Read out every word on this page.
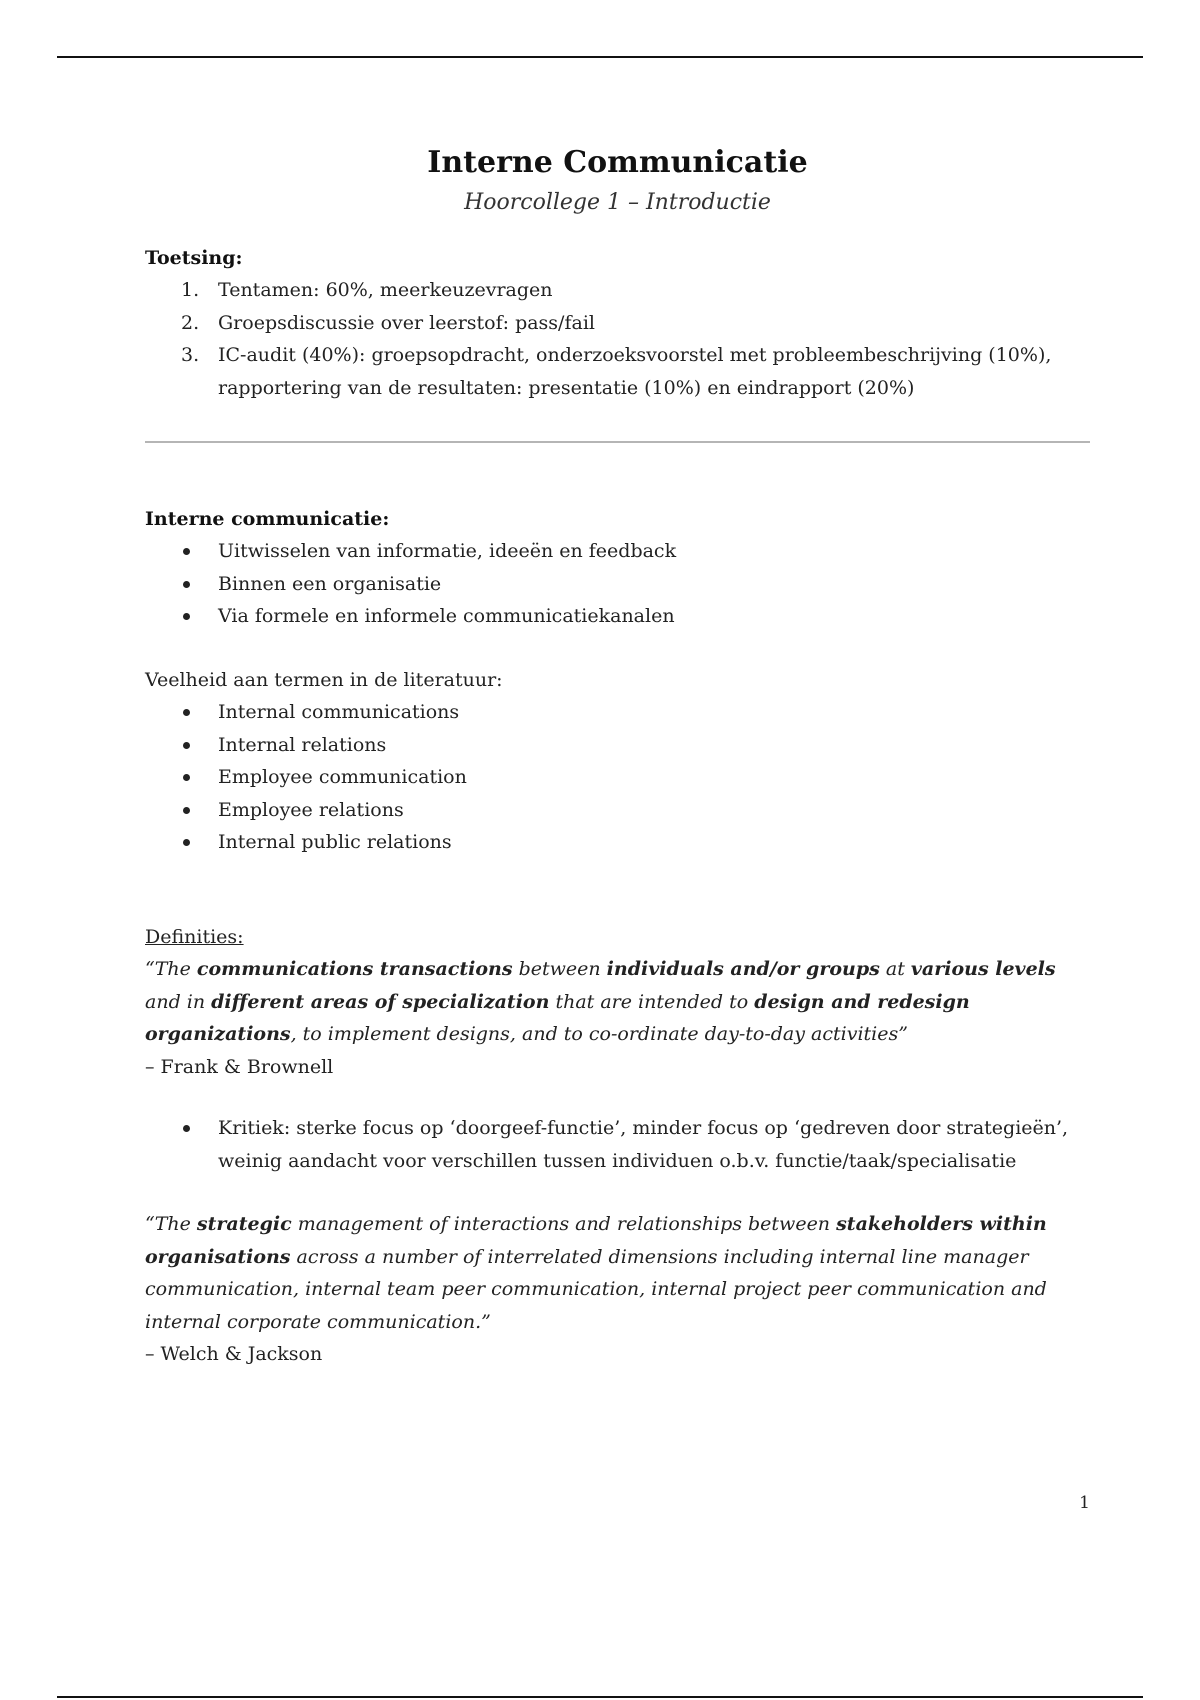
Interne Communicatie

Hoorcollege 1 – Introductie

Toetsing:

1. Tentamen: 60%, meerkeuzevragen
2. Groepsdiscussie over leerstof: pass/fail
3. IC-audit (40%): groepsopdracht, onderzoeksvoorstel met probleembeschrijving (10%), rapportering van de resultaten: presentatie (10%) en eindrapport (20%)

Interne communicatie:

Uitwisselen van informatie, ideeën en feedback
Binnen een organisatie
Via formele en informele communicatiekanalen

Veelheid aan termen in de literatuur:

Internal communications
Internal relations
Employee communication
Employee relations
Internal public relations

Definities:

“The communications transactions between individuals and/or groups at various levels and in different areas of specialization that are intended to design and redesign organizations, to implement designs, and to co-ordinate day-to-day activities”

– Frank & Brownell

Kritiek: sterke focus op ‘doorgeef-functie’, minder focus op ‘gedreven door strategieën’, weinig aandacht voor verschillen tussen individuen o.b.v. functie/taak/specialisatie

“The strategic management of interactions and relationships between stakeholders within organisations across a number of interrelated dimensions including internal line manager communication, internal team peer communication, internal project peer communication and internal corporate communication.”

– Welch & Jackson

1
